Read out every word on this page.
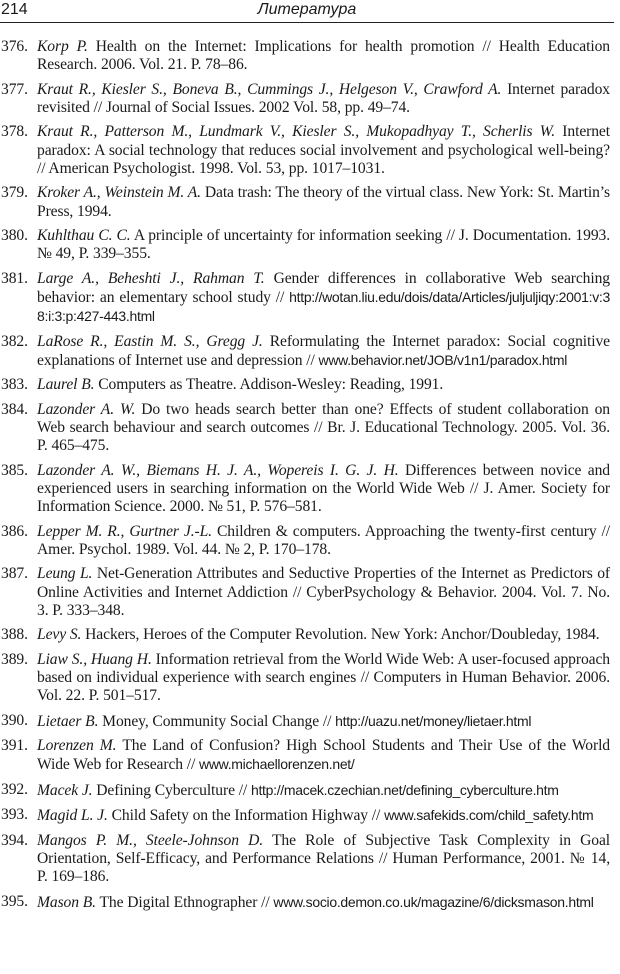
214	Литература
376. Korp P. Health on the Internet: Implications for health promotion // Health Education Research. 2006. Vol. 21. P. 78–86.
377. Kraut R., Kiesler S., Boneva B., Cummings J., Helgeson V., Crawford A. Internet paradox revisited // Journal of Social Issues. 2002 Vol. 58, pp. 49–74.
378. Kraut R., Patterson M., Lundmark V., Kiesler S., Mukopadhyay T., Scherlis W. Internet paradox: A social technology that reduces social involvement and psychological well-being? // American Psychologist. 1998. Vol. 53, pp. 1017–1031.
379. Kroker A., Weinstein M. A. Data trash: The theory of the virtual class. New York: St. Martin’s Press, 1994.
380. Kuhlthau C. C. A principle of uncertainty for information seeking // J. Documentation. 1993. № 49, P. 339–355.
381. Large A., Beheshti J., Rahman T. Gender differences in collaborative Web searching behavior: an elementary school study // http://wotan.liu.edu/dois/data/Articles/juljuljiqy:2001:v:38:i:3:p:427-443.html
382. LaRose R., Eastin M. S., Gregg J. Reformulating the Internet paradox: Social cognitive explanations of Internet use and depression // www.behavior.net/JOB/v1n1/paradox.html
383. Laurel B. Computers as Theatre. Addison-Wesley: Reading, 1991.
384. Lazonder A. W. Do two heads search better than one? Effects of student collaboration on Web search behaviour and search outcomes // Br. J. Educational Technology. 2005. Vol. 36. P. 465–475.
385. Lazonder A. W., Biemans H. J. A., Wopereis I. G. J. H. Differences between novice and experienced users in searching information on the World Wide Web // J. Amer. Society for Information Science. 2000. № 51, P. 576–581.
386. Lepper M. R., Gurtner J.-L. Children & computers. Approaching the twenty-first century // Amer. Psychol. 1989. Vol. 44. № 2, P. 170–178.
387. Leung L. Net-Generation Attributes and Seductive Properties of the Internet as Predictors of Online Activities and Internet Addiction // CyberPsychology & Behavior. 2004. Vol. 7. No. 3. P. 333–348.
388. Levy S. Hackers, Heroes of the Computer Revolution. New York: Anchor/Doubleday, 1984.
389. Liaw S., Huang H. Information retrieval from the World Wide Web: A user-focused approach based on individual experience with search engines // Computers in Human Behavior. 2006. Vol. 22. P. 501–517.
390. Lietaer B. Money, Community Social Change // http://uazu.net/money/lietaer.html
391. Lorenzen M. The Land of Confusion? High School Students and Their Use of the World Wide Web for Research // www.michaellorenzen.net/
392. Macek J. Defining Cyberculture // http://macek.czechian.net/defining_cyberculture.htm
393. Magid L. J. Child Safety on the Information Highway // www.safekids.com/child_safety.htm
394. Mangos P. M., Steele-Johnson D. The Role of Subjective Task Complexity in Goal Orientation, Self-Efficacy, and Performance Relations // Human Performance, 2001. № 14, P. 169–186.
395. Mason B. The Digital Ethnographer // www.socio.demon.co.uk/magazine/6/dicksmason.html
